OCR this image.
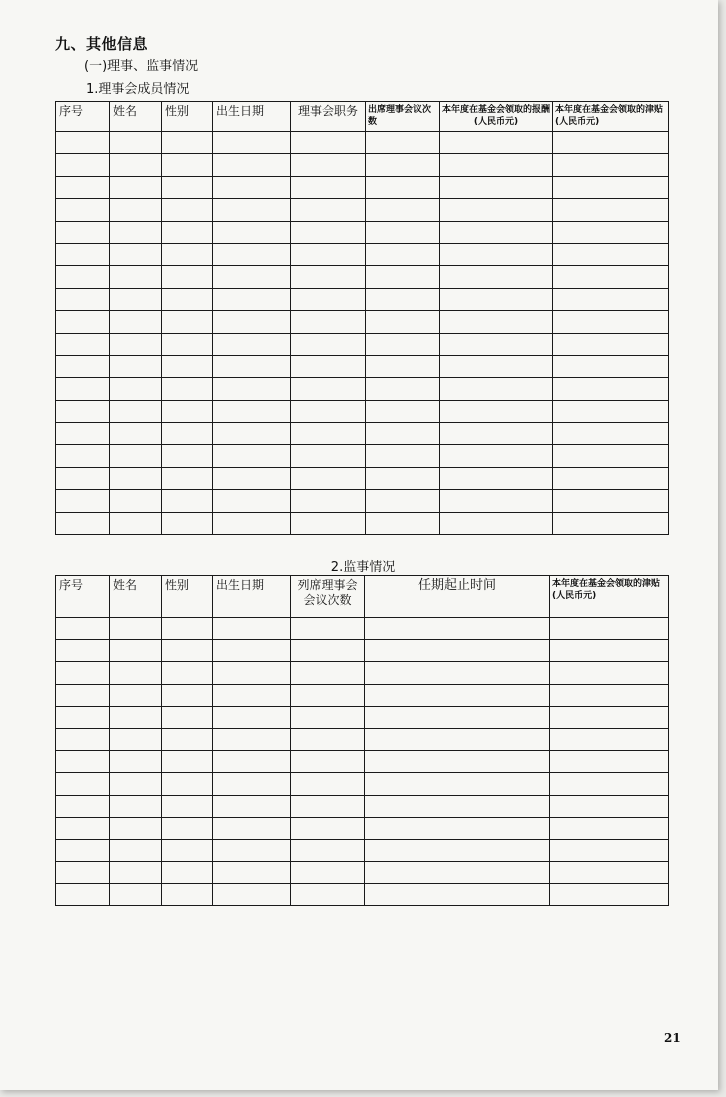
九、其他信息
(一)理事、监事情况
1.理事会成员情况
序号	姓名	性别	出生日期	理事会职务	出席理事会议次数	本年度在基金会领取的报酬(人民币元)	本年度在基金会领取的津贴(人民币元)

2.监事情况
序号	姓名	性别	出生日期	列席理事会会议次数	任期起止时间	本年度在基金会领取的津贴(人民币元)

21
